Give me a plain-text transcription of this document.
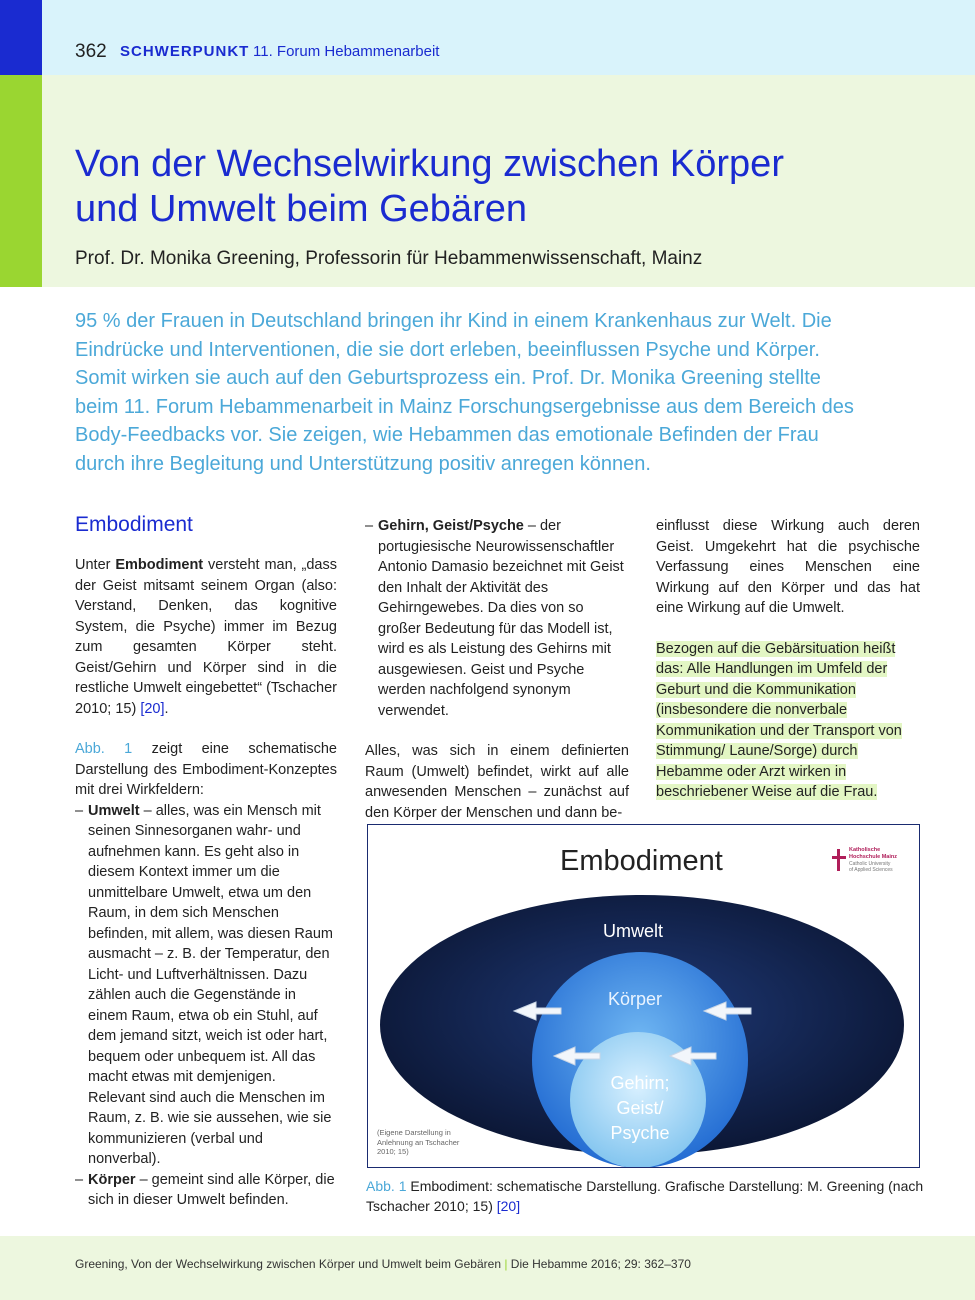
362 SCHWERPUNKT 11. Forum Hebammenarbeit
Von der Wechselwirkung zwischen Körper
und Umwelt beim Gebären
Prof. Dr. Monika Greening, Professorin für Hebammenwissenschaft, Mainz
95 % der Frauen in Deutschland bringen ihr Kind in einem Krankenhaus zur Welt. Die
Eindrücke und Interventionen, die sie dort erleben, beeinflussen Psyche und Körper.
Somit wirken sie auch auf den Geburtsprozess ein. Prof. Dr. Monika Greening stellte
beim 11. Forum Hebammenarbeit in Mainz Forschungsergebnisse aus dem Bereich des
Body-Feedbacks vor. Sie zeigen, wie Hebammen das emotionale Befinden der Frau
durch ihre Begleitung und Unterstützung positiv anregen können.
Embodiment

Unter Embodiment versteht man, „dass der Geist mitsamt seinem Organ (also: Verstand, Denken, das kognitive System, die Psyche) immer im Bezug zum gesamten Körper steht. Geist/Gehirn und Körper sind in die restliche Umwelt eingebettet“ (Tschacher 2010; 15) [20].

Abb. 1 zeigt eine schematische Darstellung des Embodiment-Konzeptes mit drei Wirkfeldern:

– Umwelt – alles, was ein Mensch mit seinen Sinnesorganen wahr- und aufnehmen kann. Es geht also in diesem Kontext immer um die unmittelbare Umwelt, etwa um den Raum, in dem sich Menschen befinden, mit allem, was diesen Raum ausmacht – z. B. der Temperatur, den Licht- und Luftverhältnissen. Dazu zählen auch die Gegenstände in einem Raum, etwa ob ein Stuhl, auf dem jemand sitzt, weich ist oder hart, bequem oder unbequem ist. All das macht etwas mit demjenigen. Relevant sind auch die Menschen im Raum, z. B. wie sie aussehen, wie sie kommunizieren (verbal und nonverbal).
– Körper – gemeint sind alle Körper, die sich in dieser Umwelt befinden.
– Gehirn, Geist/Psyche – der portugiesische Neurowissenschaftler Antonio Damasio bezeichnet mit Geist den Inhalt der Aktivität des Gehirngewebes. Da dies von so großer Bedeutung für das Modell ist, wird es als Leistung des Gehirns mit ausgewiesen. Geist und Psyche werden nachfolgend synonym verwendet.

Alles, was sich in einem definierten Raum (Umwelt) befindet, wirkt auf alle anwesenden Menschen – zunächst auf den Körper der Menschen und dann be-

einflusst diese Wirkung auch deren Geist. Umgekehrt hat die psychische Verfassung eines Menschen eine Wirkung auf den Körper und das hat eine Wirkung auf die Umwelt.

Bezogen auf die Gebärsituation heißt das: Alle Handlungen im Umfeld der Geburt und die Kommunikation (insbesondere die nonverbale Kommunikation und der Transport von Stimmung/ Laune/Sorge) durch Hebamme oder Arzt wirken in beschriebener Weise auf die Frau.

Embodiment	Katholische
Hochschule Mainz
Catholic University
of Applied Sciences
Umwelt
Körper
Gehirn; Geist/ Psyche
(Eigene Darstellung in Anlehnung an Tschacher 2010; 15)
Abb. 1 Embodiment: schematische Darstellung. Grafische Darstellung: M. Greening (nach Tschacher 2010; 15) [20]
Greening, Von der Wechselwirkung zwischen Körper und Umwelt beim Gebären | Die Hebamme 2016; 29: 362–370
